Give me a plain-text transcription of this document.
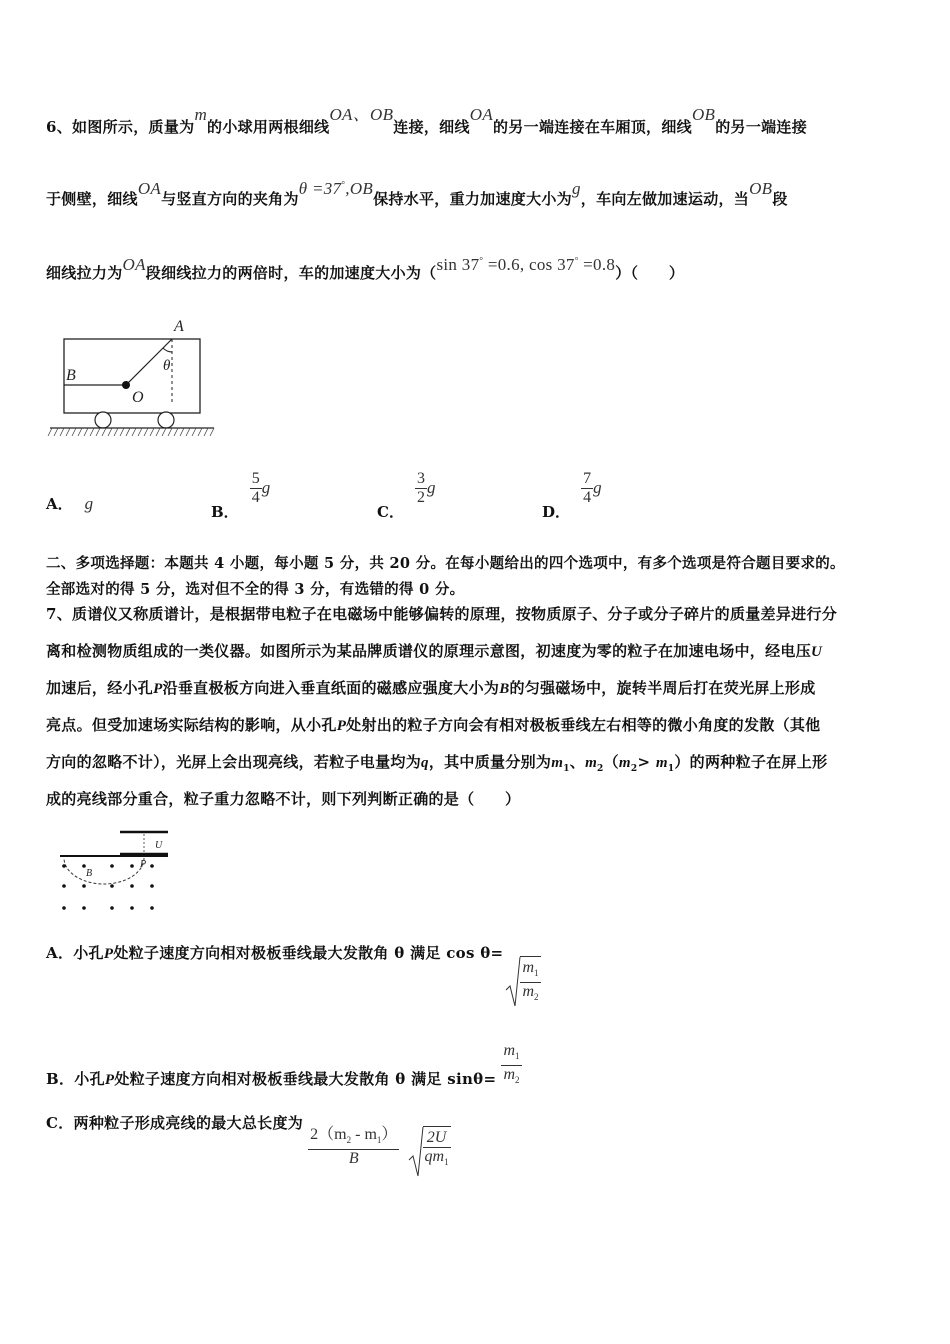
6、如图所示，质量为m的小球用两根细线OA、OB连接，细线OA的另一端连接在车厢顶，细线OB的另一端连接
于侧壁，细线OA与竖直方向的夹角为θ =37°,OB保持水平，重力加速度大小为g，车向左做加速运动，当OB段
细线拉力为OA段细线拉力的两倍时，车的加速度大小为（sin 37° =0.6, cos 37° =0.8）（　　）
A
B
O
θ
A． g	B．
$\frac{5}{4}$ g
C．
$\frac{3}{2}$ g
D．
$\frac{7}{4}$ g
二、多项选择题：本题共 4 小题，每小题 5 分，共 20 分。在每小题给出的四个选项中，有多个选项是符合题目要求的。
全部选对的得 5 分，选对但不全的得 3 分，有选错的得 0 分。
7、质谱仪又称质谱计，是根据带电粒子在电磁场中能够偏转的原理，按物质原子、分子或分子碎片的质量差异进行分
离和检测物质组成的一类仪器。如图所示为某品牌质谱仪的原理示意图，初速度为零的粒子在加速电场中，经电压U
加速后，经小孔P沿垂直极板方向进入垂直纸面的磁感应强度大小为B的匀强磁场中，旋转半周后打在荧光屏上形成
亮点。但受加速场实际结构的影响，从小孔P处射出的粒子方向会有相对极板垂线左右相等的微小角度的发散（其他
方向的忽略不计），光屏上会出现亮线，若粒子电量均为q，其中质量分别为$m_1$、$m_2(m_2> m_1)$的两种粒子在屏上形
成的亮线部分重合，粒子重力忽略不计，则下列判断正确的是（　　）
U
P
B
A．小孔P处粒子速度方向相对极板垂线最大发散角 θ 满足 cos θ=
$\frac{m_1}{m_2}$
B．小孔P处粒子速度方向相对极板垂线最大发散角 θ 满足 $\sin\theta= \frac{m_1}{m_2}$
C．两种粒子形成亮线的最大总长度为
$\frac{2(m_2 - m_1)}{B}$
$\frac{2U}{qm_1}$
